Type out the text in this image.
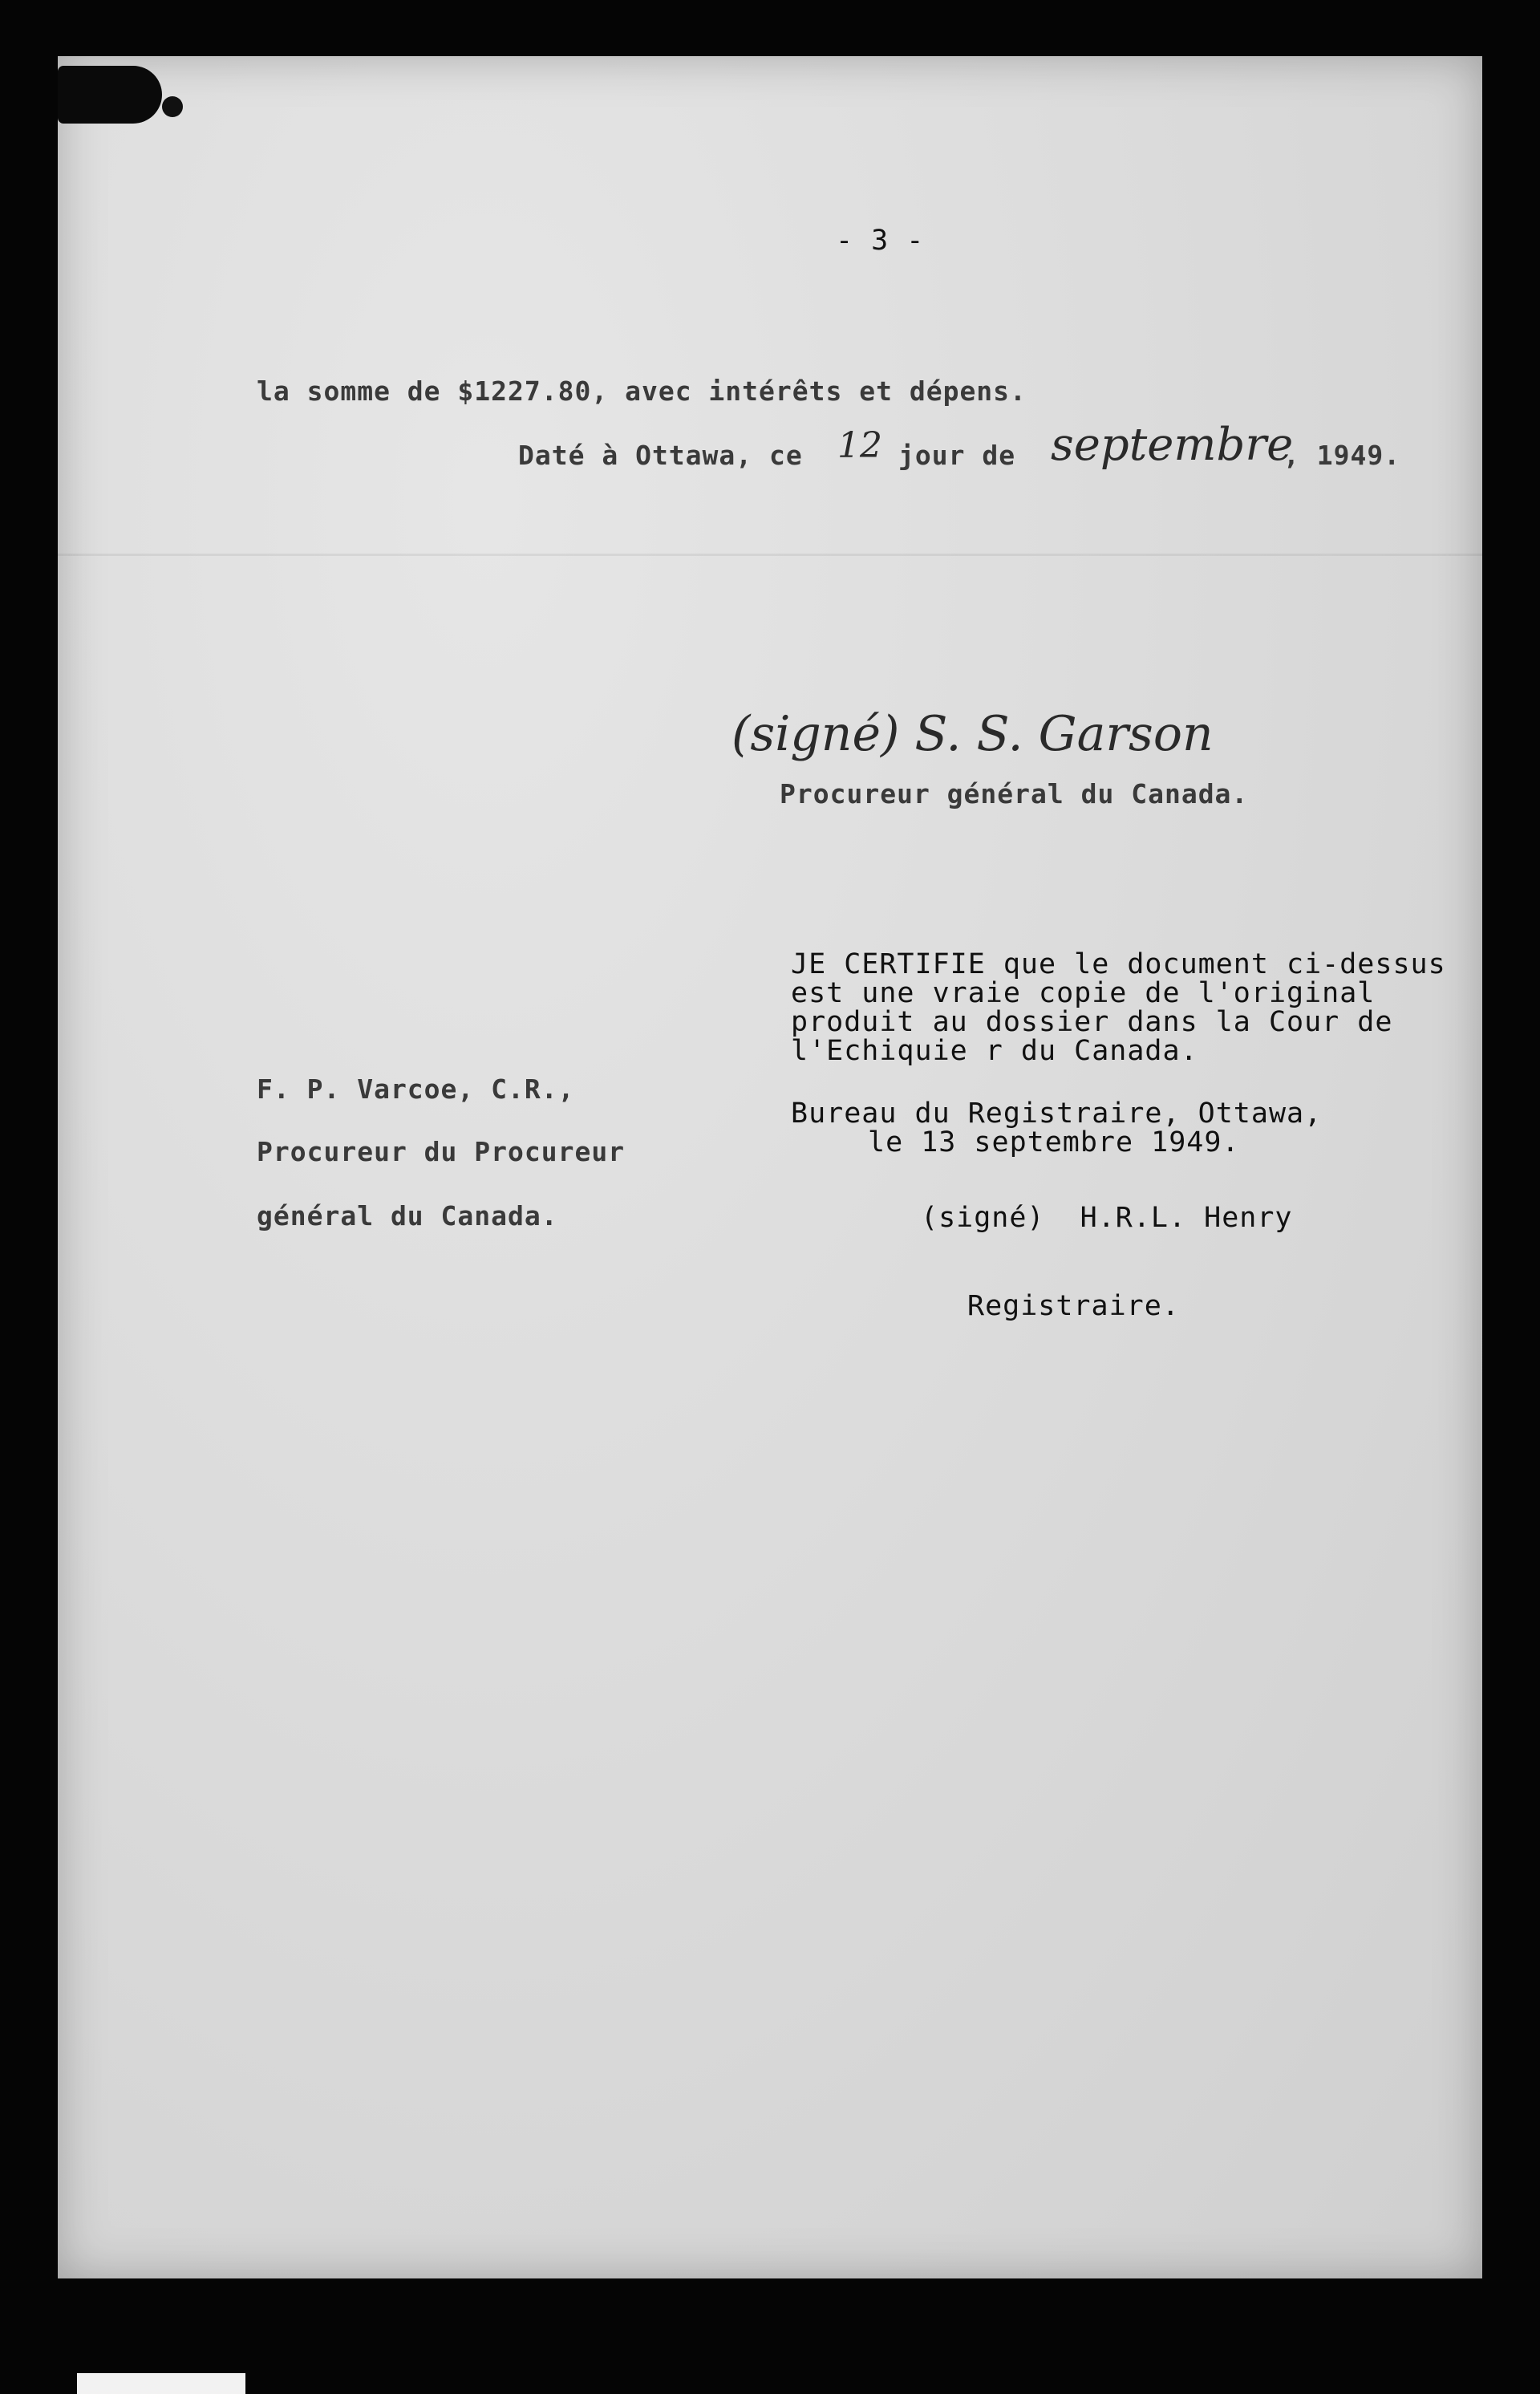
- 3 -
la somme de $1227.80, avec intérêts et dépens.
Daté à Ottawa, ce 12 jour de septembre
, 1949.
(signé) S. S. Garson
Procureur général du Canada.
JE CERTIFIE que le document ci-dessus
est une vraie copie de l'original
produit au dossier dans la Cour de
l'Echiquie r du Canada.
F. P. Varcoe, C.R.,
Bureau du Registraire, Ottawa,
le 13 septembre 1949.
Procureur du Procureur
général du Canada.	(signé)  H.R.L. Henry
Registraire.
